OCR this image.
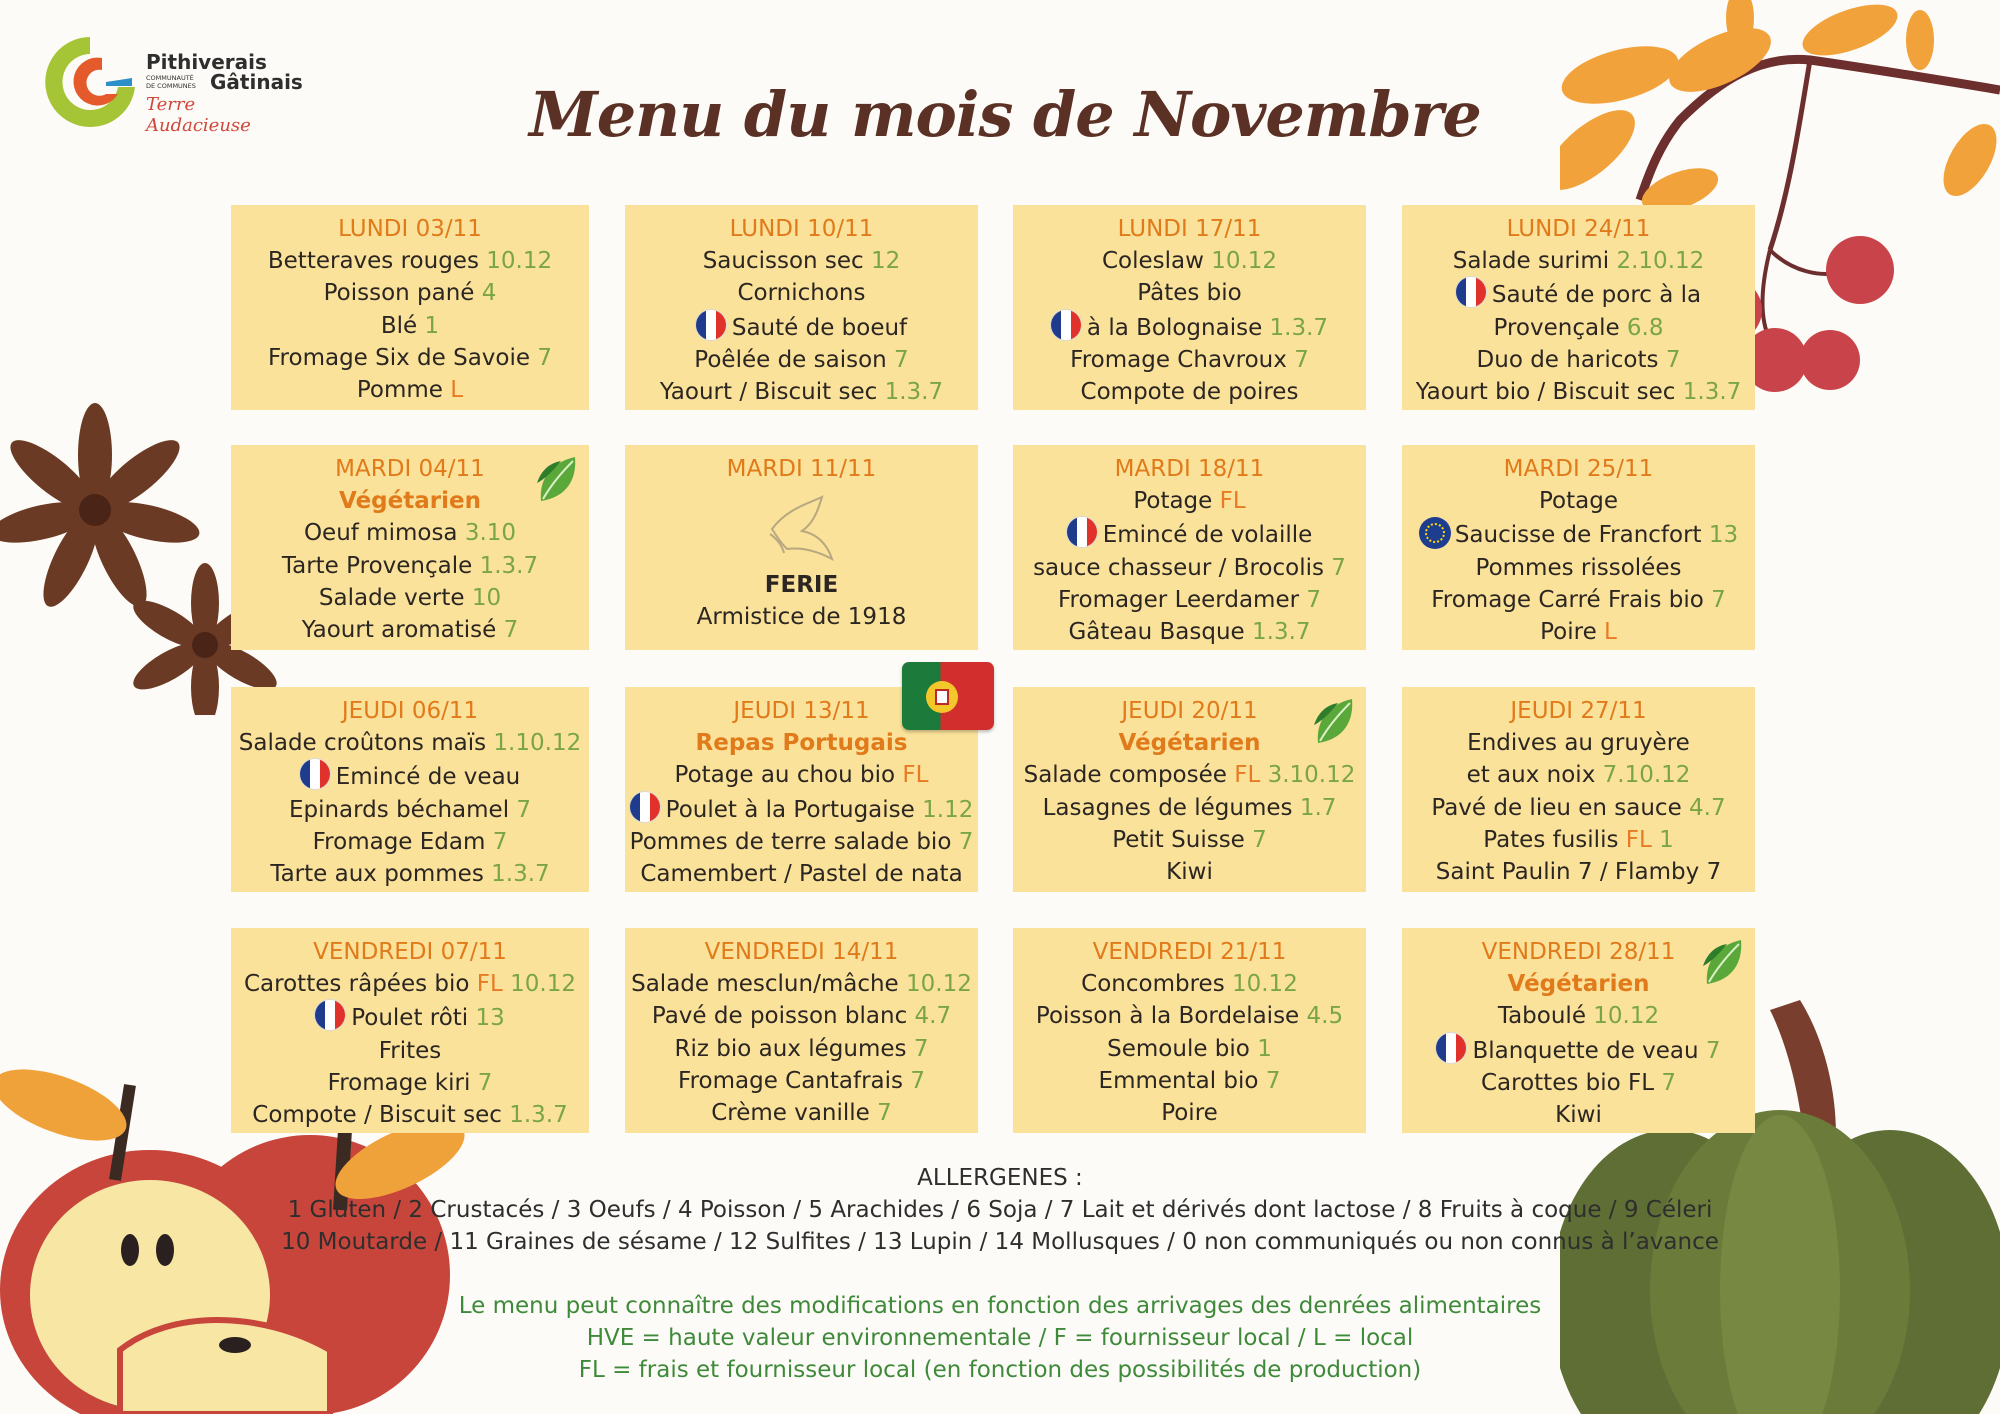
Pithiverais
COMMUNAUTÉ DE COMMUNES Gâtinais
Terre Audacieuse	Menu du mois de Novembre
LUNDI 03/11
Betteraves rouges 10.12
Poisson pané 4
Blé 1
Fromage Six de Savoie 7
Pomme L
LUNDI 10/11
Saucisson sec 12
Cornichons
Sauté de boeuf
Poêlée de saison 7
Yaourt / Biscuit sec 1.3.7
LUNDI 17/11
Coleslaw 10.12
Pâtes bio
à la Bolognaise 1.3.7
Fromage Chavroux 7
Compote de poires
LUNDI 24/11
Salade surimi 2.10.12
Sauté de porc à la
Provençale 6.8
Duo de haricots 7
Yaourt bio / Biscuit sec 1.3.7
MARDI 04/11
Végétarien
Oeuf mimosa 3.10
Tarte Provençale 1.3.7
Salade verte 10
Yaourt aromatisé 7
MARDI 11/11
FERIE
Armistice de 1918
MARDI 18/11
Potage FL
Emincé de volaille
sauce chasseur / Brocolis 7
Fromager Leerdamer 7
Gâteau Basque 1.3.7
MARDI 25/11
Potage
Saucisse de Francfort 13
Pommes rissolées
Fromage Carré Frais bio 7
Poire L
JEUDI 06/11
Salade croûtons maïs 1.10.12
Emincé de veau
Epinards béchamel 7
Fromage Edam 7
Tarte aux pommes 1.3.7
JEUDI 13/11
Repas Portugais
Potage au chou bio FL
Poulet à la Portugaise 1.12
Pommes de terre salade bio 7
Camembert / Pastel de nata
JEUDI 20/11
Végétarien
Salade composée FL 3.10.12
Lasagnes de légumes 1.7
Petit Suisse 7
Kiwi
JEUDI 27/11
Endives au gruyère
et aux noix 7.10.12
Pavé de lieu en sauce 4.7
Pates fusilis FL 1
Saint Paulin 7 / Flamby 7
VENDREDI 07/11
Carottes râpées bio FL 10.12
Poulet rôti 13
Frites
Fromage kiri 7
Compote / Biscuit sec 1.3.7
VENDREDI 14/11
Salade mesclun/mâche 10.12
Pavé de poisson blanc 4.7
Riz bio aux légumes 7
Fromage Cantafrais 7
Crème vanille 7
VENDREDI 21/11
Concombres 10.12
Poisson à la Bordelaise 4.5
Semoule bio 1
Emmental bio 7
Poire
VENDREDI 28/11
Végétarien
Taboulé 10.12
Blanquette de veau 7
Carottes bio FL 7
Kiwi
ALLERGENES :
1 Gluten / 2 Crustacés / 3 Oeufs / 4 Poisson / 5 Arachides / 6 Soja / 7 Lait et dérivés dont lactose / 8 Fruits à coque / 9 Céleri
10 Moutarde / 11 Graines de sésame / 12 Sulfites / 13 Lupin / 14 Mollusques / 0 non communiqués ou non connus à l’avance
Le menu peut connaître des modifications en fonction des arrivages des denrées alimentaires
HVE = haute valeur environnementale / F = fournisseur local / L = local
FL = frais et fournisseur local (en fonction des possibilités de production)
